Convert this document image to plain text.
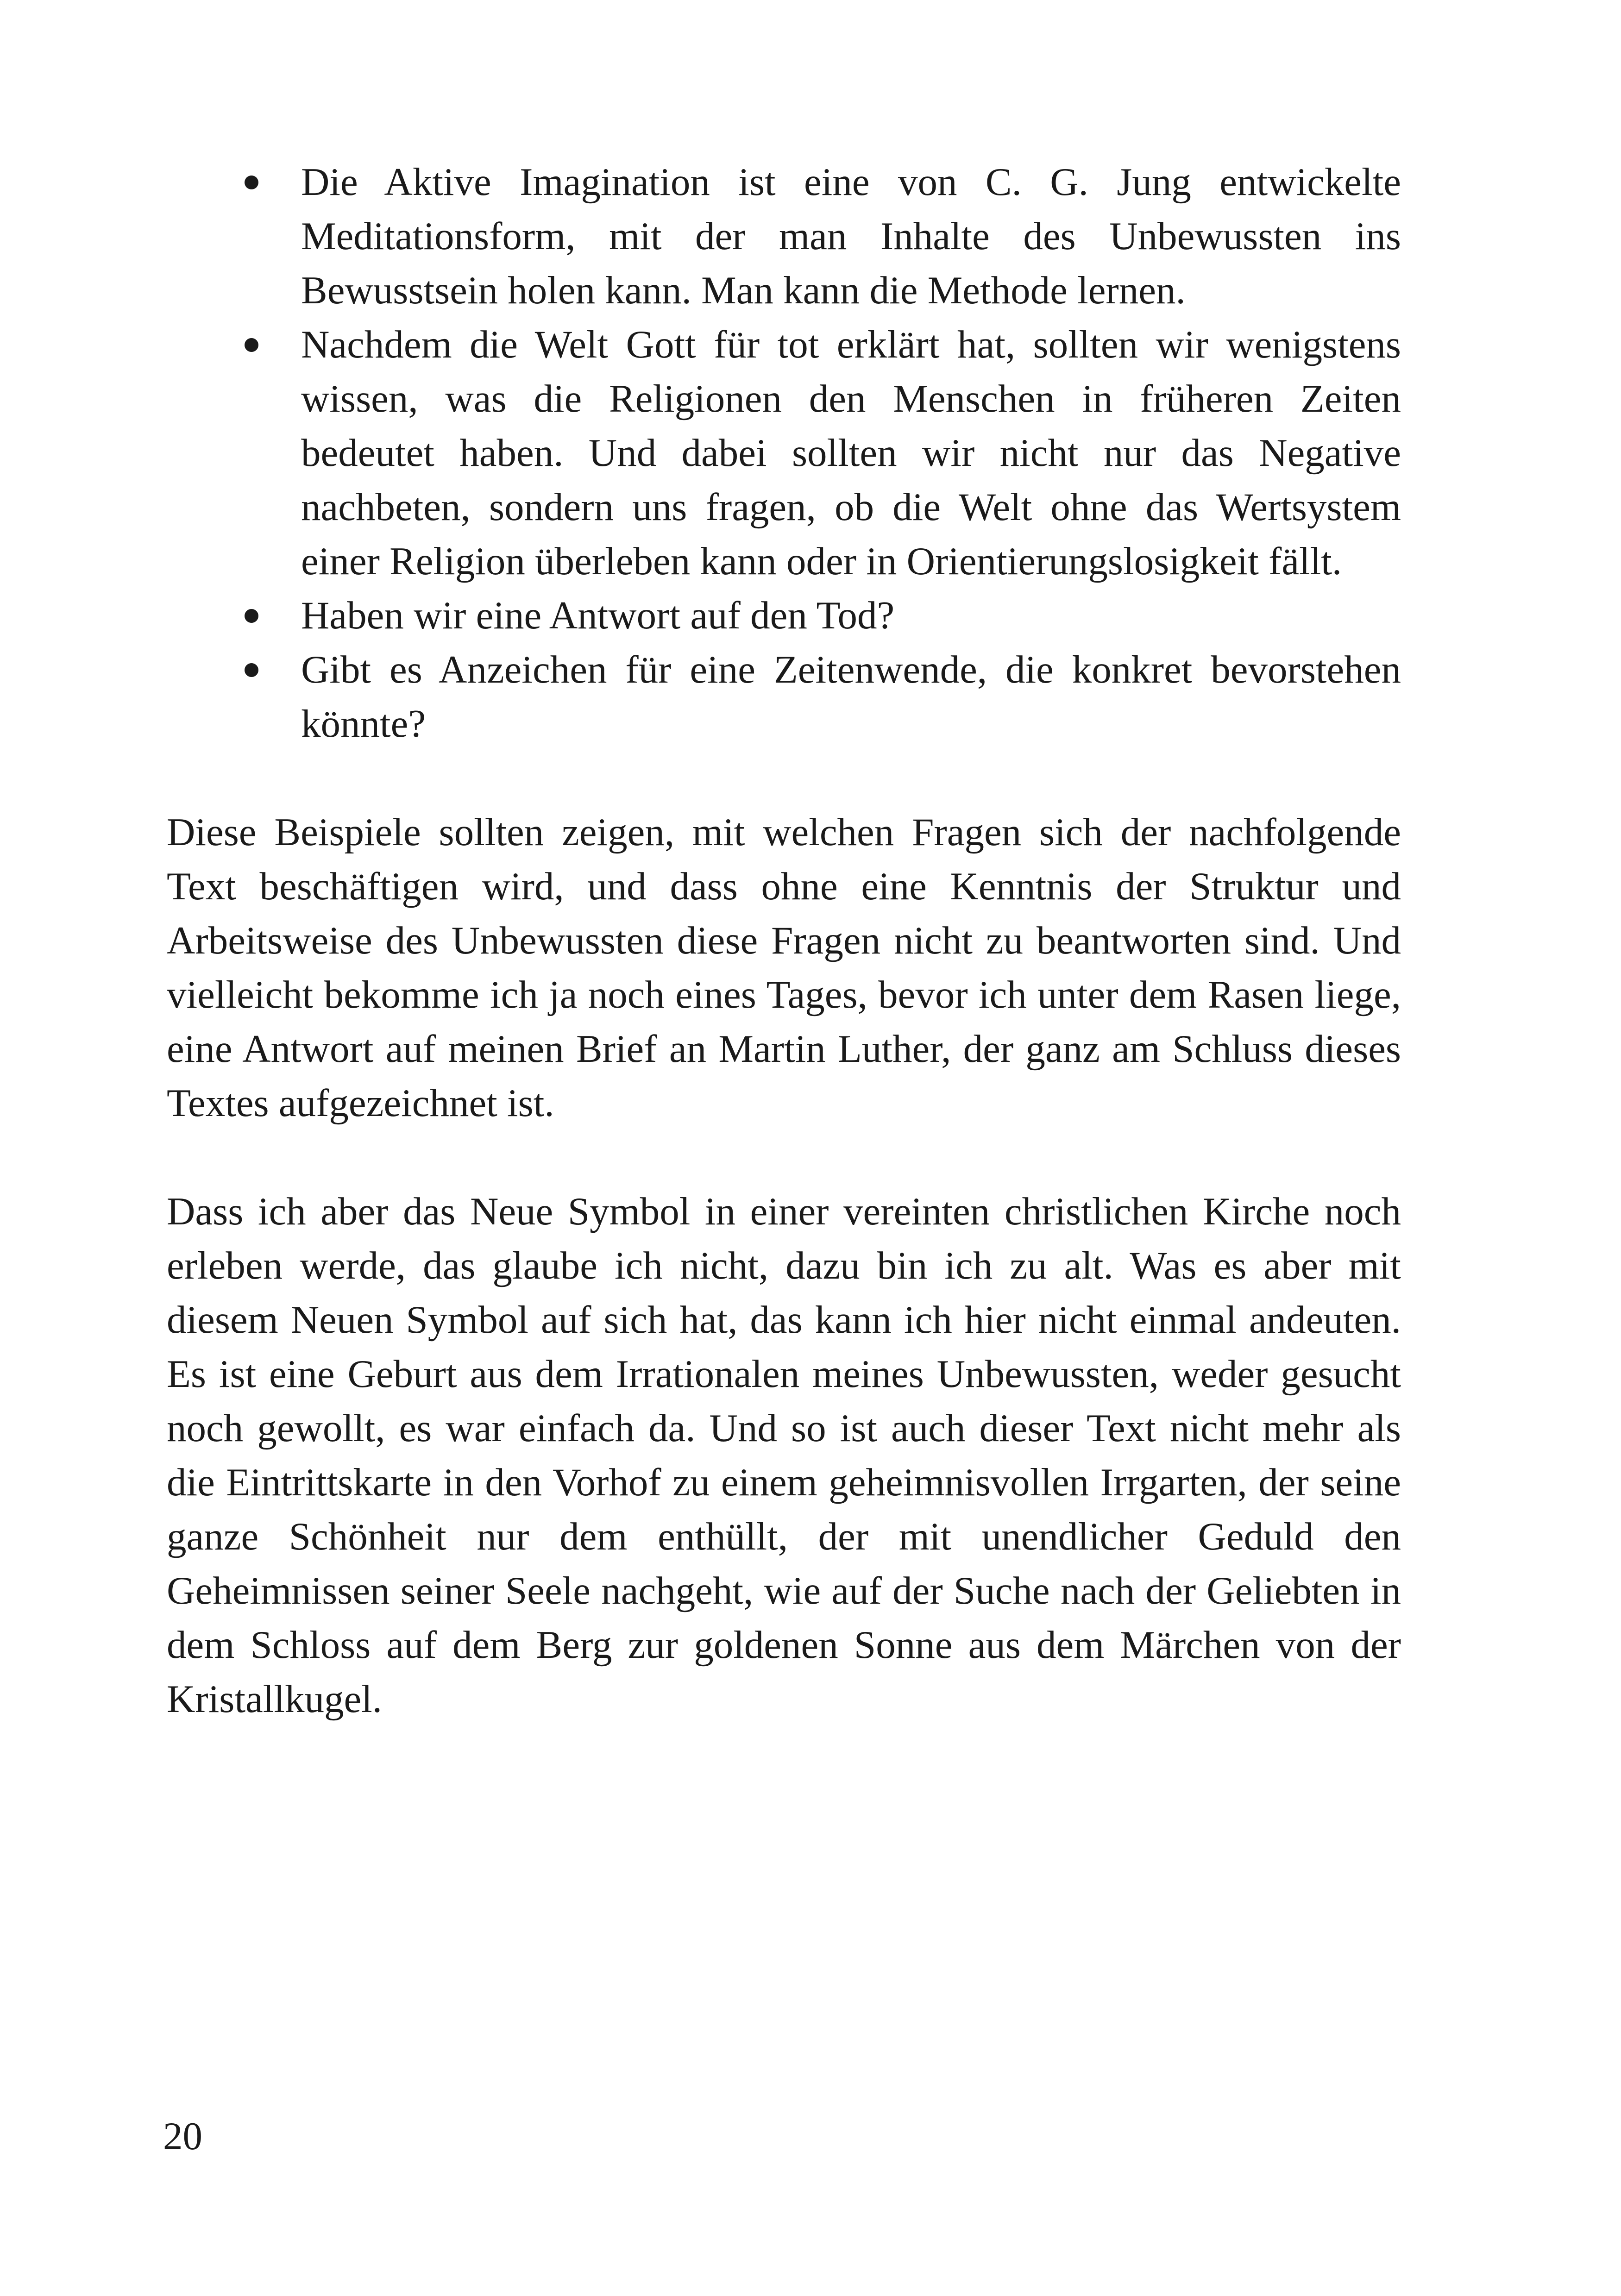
Die Aktive Imagination ist eine von C. G. Jung entwickelte Meditationsform, mit der man Inhalte des Unbewussten ins Bewusstsein holen kann. Man kann die Methode lernen.
Nachdem die Welt Gott für tot erklärt hat, sollten wir wenigstens wissen, was die Religionen den Menschen in früheren Zeiten bedeutet haben. Und dabei sollten wir nicht nur das Negative nachbeten, sondern uns fragen, ob die Welt ohne das Wertsystem einer Religion überleben kann oder in Orientierungslosigkeit fällt.
Haben wir eine Antwort auf den Tod?
Gibt es Anzeichen für eine Zeitenwende, die konkret bevorstehen könnte?

Diese Beispiele sollten zeigen, mit welchen Fragen sich der nachfolgende Text beschäftigen wird, und dass ohne eine Kenntnis der Struktur und Arbeitsweise des Unbewussten diese Fragen nicht zu beantworten sind. Und vielleicht bekomme ich ja noch eines Tages, bevor ich unter dem Rasen liege, eine Antwort auf meinen Brief an Martin Luther, der ganz am Schluss dieses Textes aufgezeichnet ist.

Dass ich aber das Neue Symbol in einer vereinten christlichen Kirche noch erleben werde, das glaube ich nicht, dazu bin ich zu alt. Was es aber mit diesem Neuen Symbol auf sich hat, das kann ich hier nicht einmal andeuten. Es ist eine Geburt aus dem Irrationalen meines Unbewussten, weder gesucht noch gewollt, es war einfach da. Und so ist auch dieser Text nicht mehr als die Eintrittskarte in den Vorhof zu einem geheimnisvollen Irrgarten, der seine ganze Schönheit nur dem enthüllt, der mit unendlicher Geduld den Geheimnissen seiner Seele nachgeht, wie auf der Suche nach der Geliebten in dem Schloss auf dem Berg zur goldenen Sonne aus dem Märchen von der Kristallkugel.

20
